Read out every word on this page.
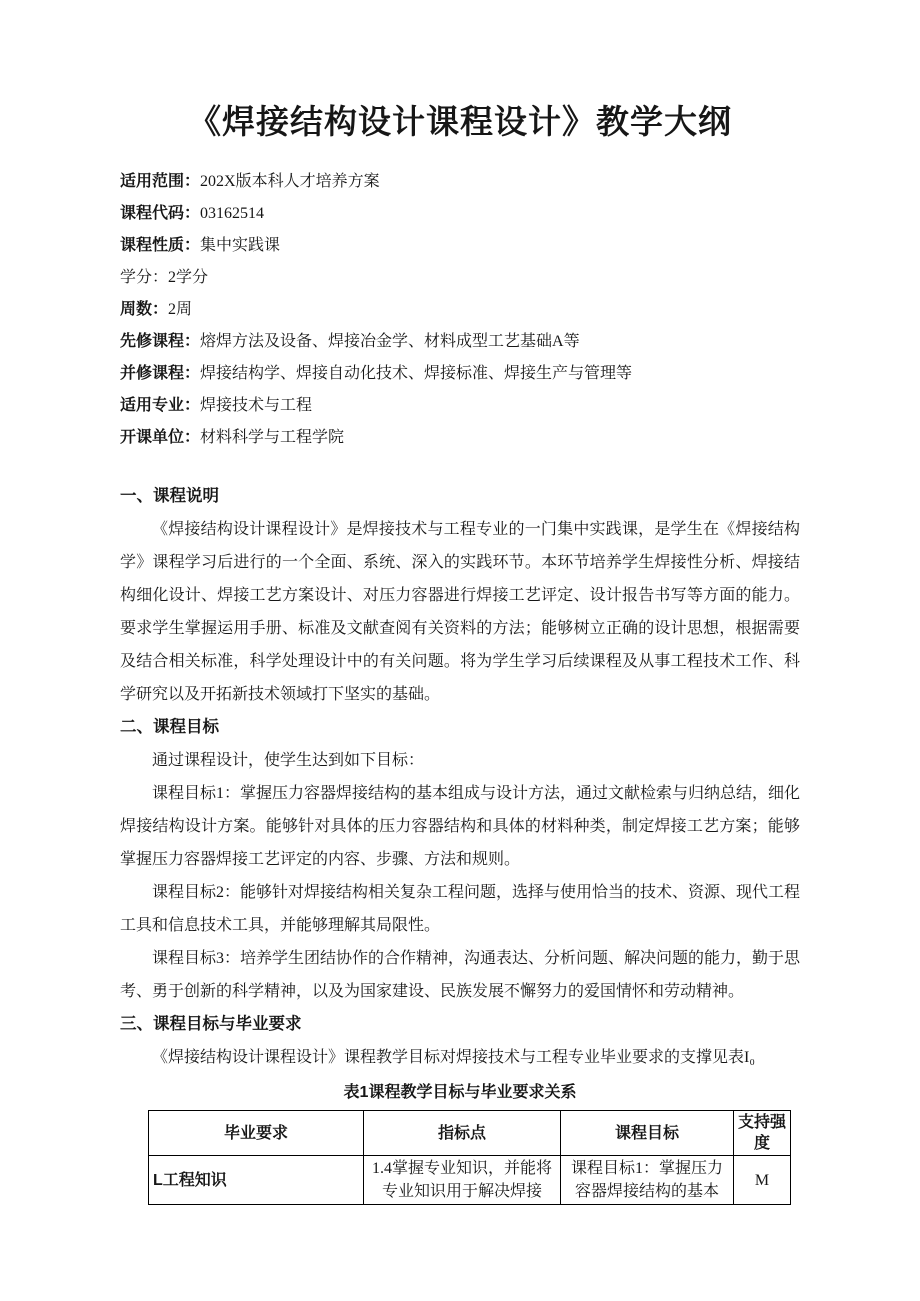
《焊接结构设计课程设计》教学大纲

适用范围：202X版本科人才培养方案

课程代码：03162514

课程性质：集中实践课

学分：2学分

周数：2周

先修课程：熔焊方法及设备、焊接冶金学、材料成型工艺基础A等

并修课程：焊接结构学、焊接自动化技术、焊接标准、焊接生产与管理等

适用专业：焊接技术与工程

开课单位：材料科学与工程学院

一、课程说明

《焊接结构设计课程设计》是焊接技术与工程专业的一门集中实践课，是学生在《焊接结构学》课程学习后进行的一个全面、系统、深入的实践环节。本环节培养学生焊接性分析、焊接结构细化设计、焊接工艺方案设计、对压力容器进行焊接工艺评定、设计报告书写等方面的能力。要求学生掌握运用手册、标准及文献查阅有关资料的方法；能够树立正确的设计思想，根据需要及结合相关标准，科学处理设计中的有关问题。将为学生学习后续课程及从事工程技术工作、科学研究以及开拓新技术领域打下坚实的基础。

二、课程目标

通过课程设计，使学生达到如下目标：

课程目标1：掌握压力容器焊接结构的基本组成与设计方法，通过文献检索与归纳总结，细化焊接结构设计方案。能够针对具体的压力容器结构和具体的材料种类，制定焊接工艺方案；能够掌握压力容器焊接工艺评定的内容、步骤、方法和规则。

课程目标2：能够针对焊接结构相关复杂工程问题，选择与使用恰当的技术、资源、现代工程工具和信息技术工具，并能够理解其局限性。

课程目标3：培养学生团结协作的合作精神，沟通表达、分析问题、解决问题的能力，勤于思考、勇于创新的科学精神，以及为国家建设、民族发展不懈努力的爱国情怀和劳动精神。

三、课程目标与毕业要求

《焊接结构设计课程设计》课程教学目标对焊接技术与工程专业毕业要求的支撑见表I₀

表1课程教学目标与毕业要求关系
毕业要求	指标点	课程目标	支持强度
L工程知识	1.4掌握专业知识，并能将专业知识用于解决焊接	课程目标1：掌握压力容器焊接结构的基本	M
